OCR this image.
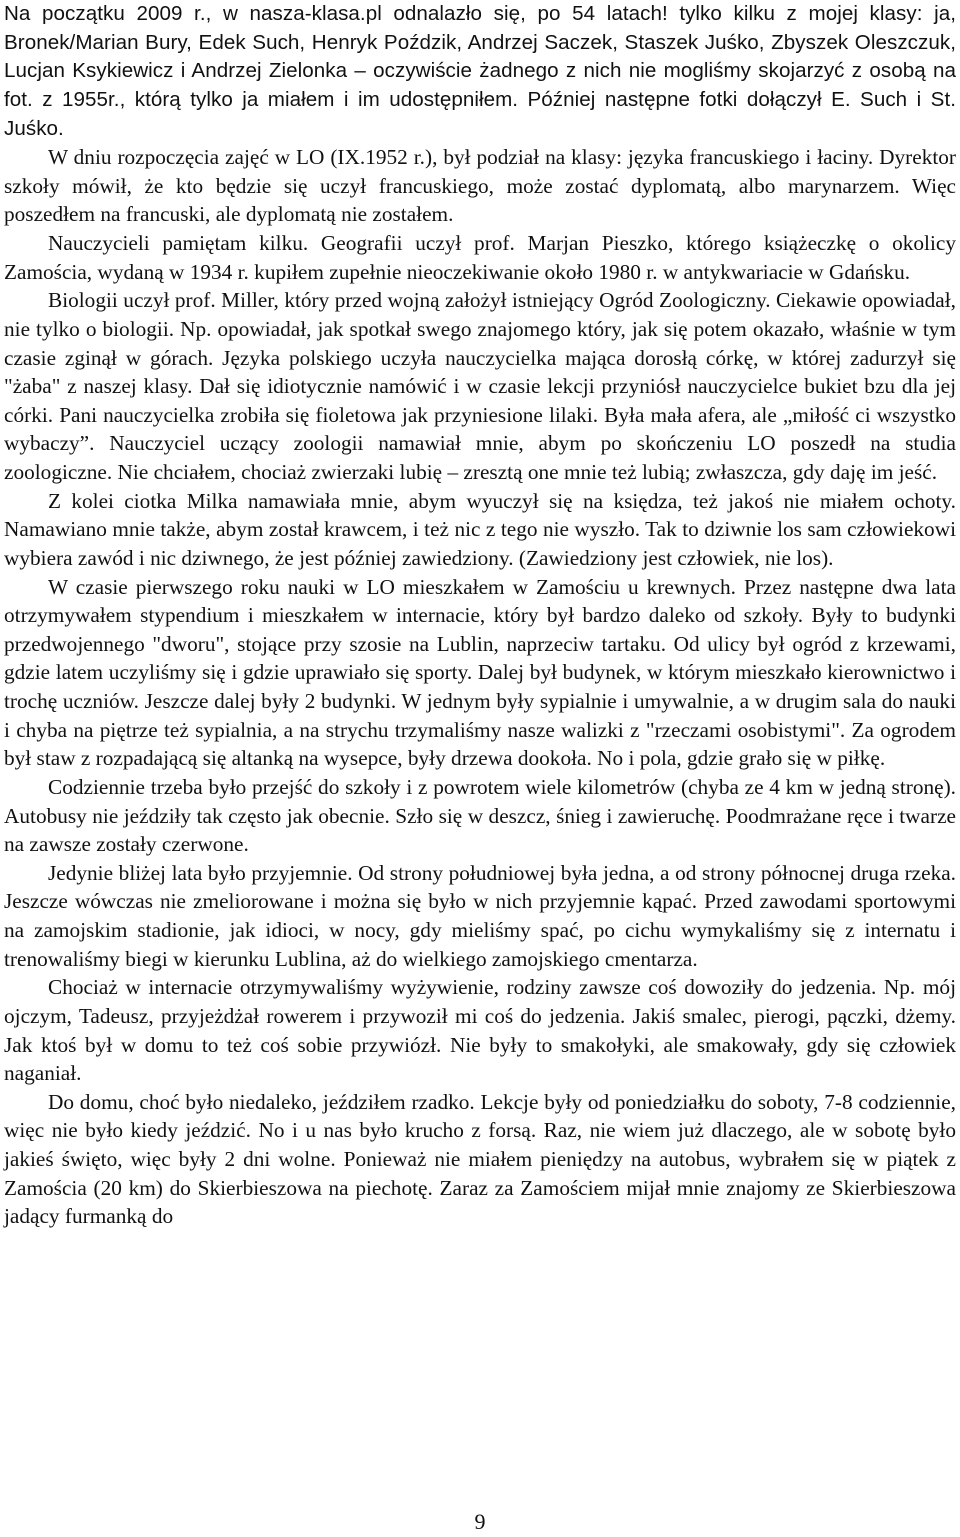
Na początku 2009 r., w nasza-klasa.pl odnalazło się, po 54 latach! tylko kilku z mojej klasy: ja, Bronek/Marian Bury, Edek Such, Henryk Poździk, Andrzej Saczek, Staszek Juśko, Zbyszek Oleszczuk, Lucjan Ksykiewicz i Andrzej Zielonka – oczywiście żadnego z nich nie mogliśmy skojarzyć z osobą na fot. z 1955r., którą tylko ja miałem i im udostępniłem. Później następne fotki dołączył E. Such i St. Juśko.

W dniu rozpoczęcia zajęć w LO (IX.1952 r.), był podział na klasy: języka francuskiego i łaciny. Dyrektor szkoły mówił, że kto będzie się uczył francuskiego, może zostać dyplomatą, albo marynarzem. Więc poszedłem na francuski, ale dyplomatą nie zostałem.

Nauczycieli pamiętam kilku. Geografii uczył prof. Marjan Pieszko, którego książeczkę o okolicy Zamościa, wydaną w 1934 r. kupiłem zupełnie nieoczekiwanie około 1980 r. w antykwariacie w Gdańsku.

Biologii uczył prof. Miller, który przed wojną założył istniejący Ogród Zoologiczny. Ciekawie opowiadał, nie tylko o biologii. Np. opowiadał, jak spotkał swego znajomego który, jak się potem okazało, właśnie w tym czasie zginął w górach. Języka polskiego uczyła nauczycielka mająca dorosłą córkę, w której zadurzył się "żaba" z naszej klasy. Dał się idiotycznie namówić i w czasie lekcji przyniósł nauczycielce bukiet bzu dla jej córki. Pani nauczycielka zrobiła się fioletowa jak przyniesione lilaki. Była mała afera, ale „miłość ci wszystko wybaczy”. Nauczyciel uczący zoologii namawiał mnie, abym po skończeniu LO poszedł na studia zoologiczne. Nie chciałem, chociaż zwierzaki lubię – zresztą one mnie też lubią; zwłaszcza, gdy daję im jeść.

Z kolei ciotka Milka namawiała mnie, abym wyuczył się na księdza, też jakoś nie miałem ochoty. Namawiano mnie także, abym został krawcem, i też nic z tego nie wyszło. Tak to dziwnie los sam człowiekowi wybiera zawód i nic dziwnego, że jest później zawiedziony. (Zawiedziony jest człowiek, nie los).

W czasie pierwszego roku nauki w LO mieszkałem w Zamościu u krewnych. Przez następne dwa lata otrzymywałem stypendium i mieszkałem w internacie, który był bardzo daleko od szkoły. Były to budynki przedwojennego "dworu", stojące przy szosie na Lublin, naprzeciw tartaku. Od ulicy był ogród z krzewami, gdzie latem uczyliśmy się i gdzie uprawiało się sporty. Dalej był budynek, w którym mieszkało kierownictwo i trochę uczniów. Jeszcze dalej były 2 budynki. W jednym były sypialnie i umywalnie, a w drugim sala do nauki i chyba na piętrze też sypialnia, a na strychu trzymaliśmy nasze walizki z "rzeczami osobistymi". Za ogrodem był staw z rozpadającą się altanką na wysepce, były drzewa dookoła. No i pola, gdzie grało się w piłkę.

Codziennie trzeba było przejść do szkoły i z powrotem wiele kilometrów (chyba ze 4 km w jedną stronę). Autobusy nie jeździły tak często jak obecnie. Szło się w deszcz, śnieg i zawieruchę. Poodmrażane ręce i twarze na zawsze zostały czerwone.

Jedynie bliżej lata było przyjemnie. Od strony południowej była jedna, a od strony północnej druga rzeka. Jeszcze wówczas nie zmeliorowane i można się było w nich przyjemnie kąpać. Przed zawodami sportowymi na zamojskim stadionie, jak idioci, w nocy, gdy mieliśmy spać, po cichu wymykaliśmy się z internatu i trenowaliśmy biegi w kierunku Lublina, aż do wielkiego zamojskiego cmentarza.

Chociaż w internacie otrzymywaliśmy wyżywienie, rodziny zawsze coś dowoziły do jedzenia. Np. mój ojczym, Tadeusz, przyjeżdżał rowerem i przywoził mi coś do jedzenia. Jakiś smalec, pierogi, pączki, dżemy. Jak ktoś był w domu to też coś sobie przywiózł. Nie były to smakołyki, ale smakowały, gdy się człowiek naganiał.

Do domu, choć było niedaleko, jeździłem rzadko. Lekcje były od poniedziałku do soboty, 7-8 codziennie, więc nie było kiedy jeździć. No i u nas było krucho z forsą. Raz, nie wiem już dlaczego, ale w sobotę było jakieś święto, więc były 2 dni wolne. Ponieważ nie miałem pieniędzy na autobus, wybrałem się w piątek z Zamościa (20 km) do Skierbieszowa na piechotę. Zaraz za Zamościem mijał mnie znajomy ze Skierbieszowa jadący furmanką do

9
